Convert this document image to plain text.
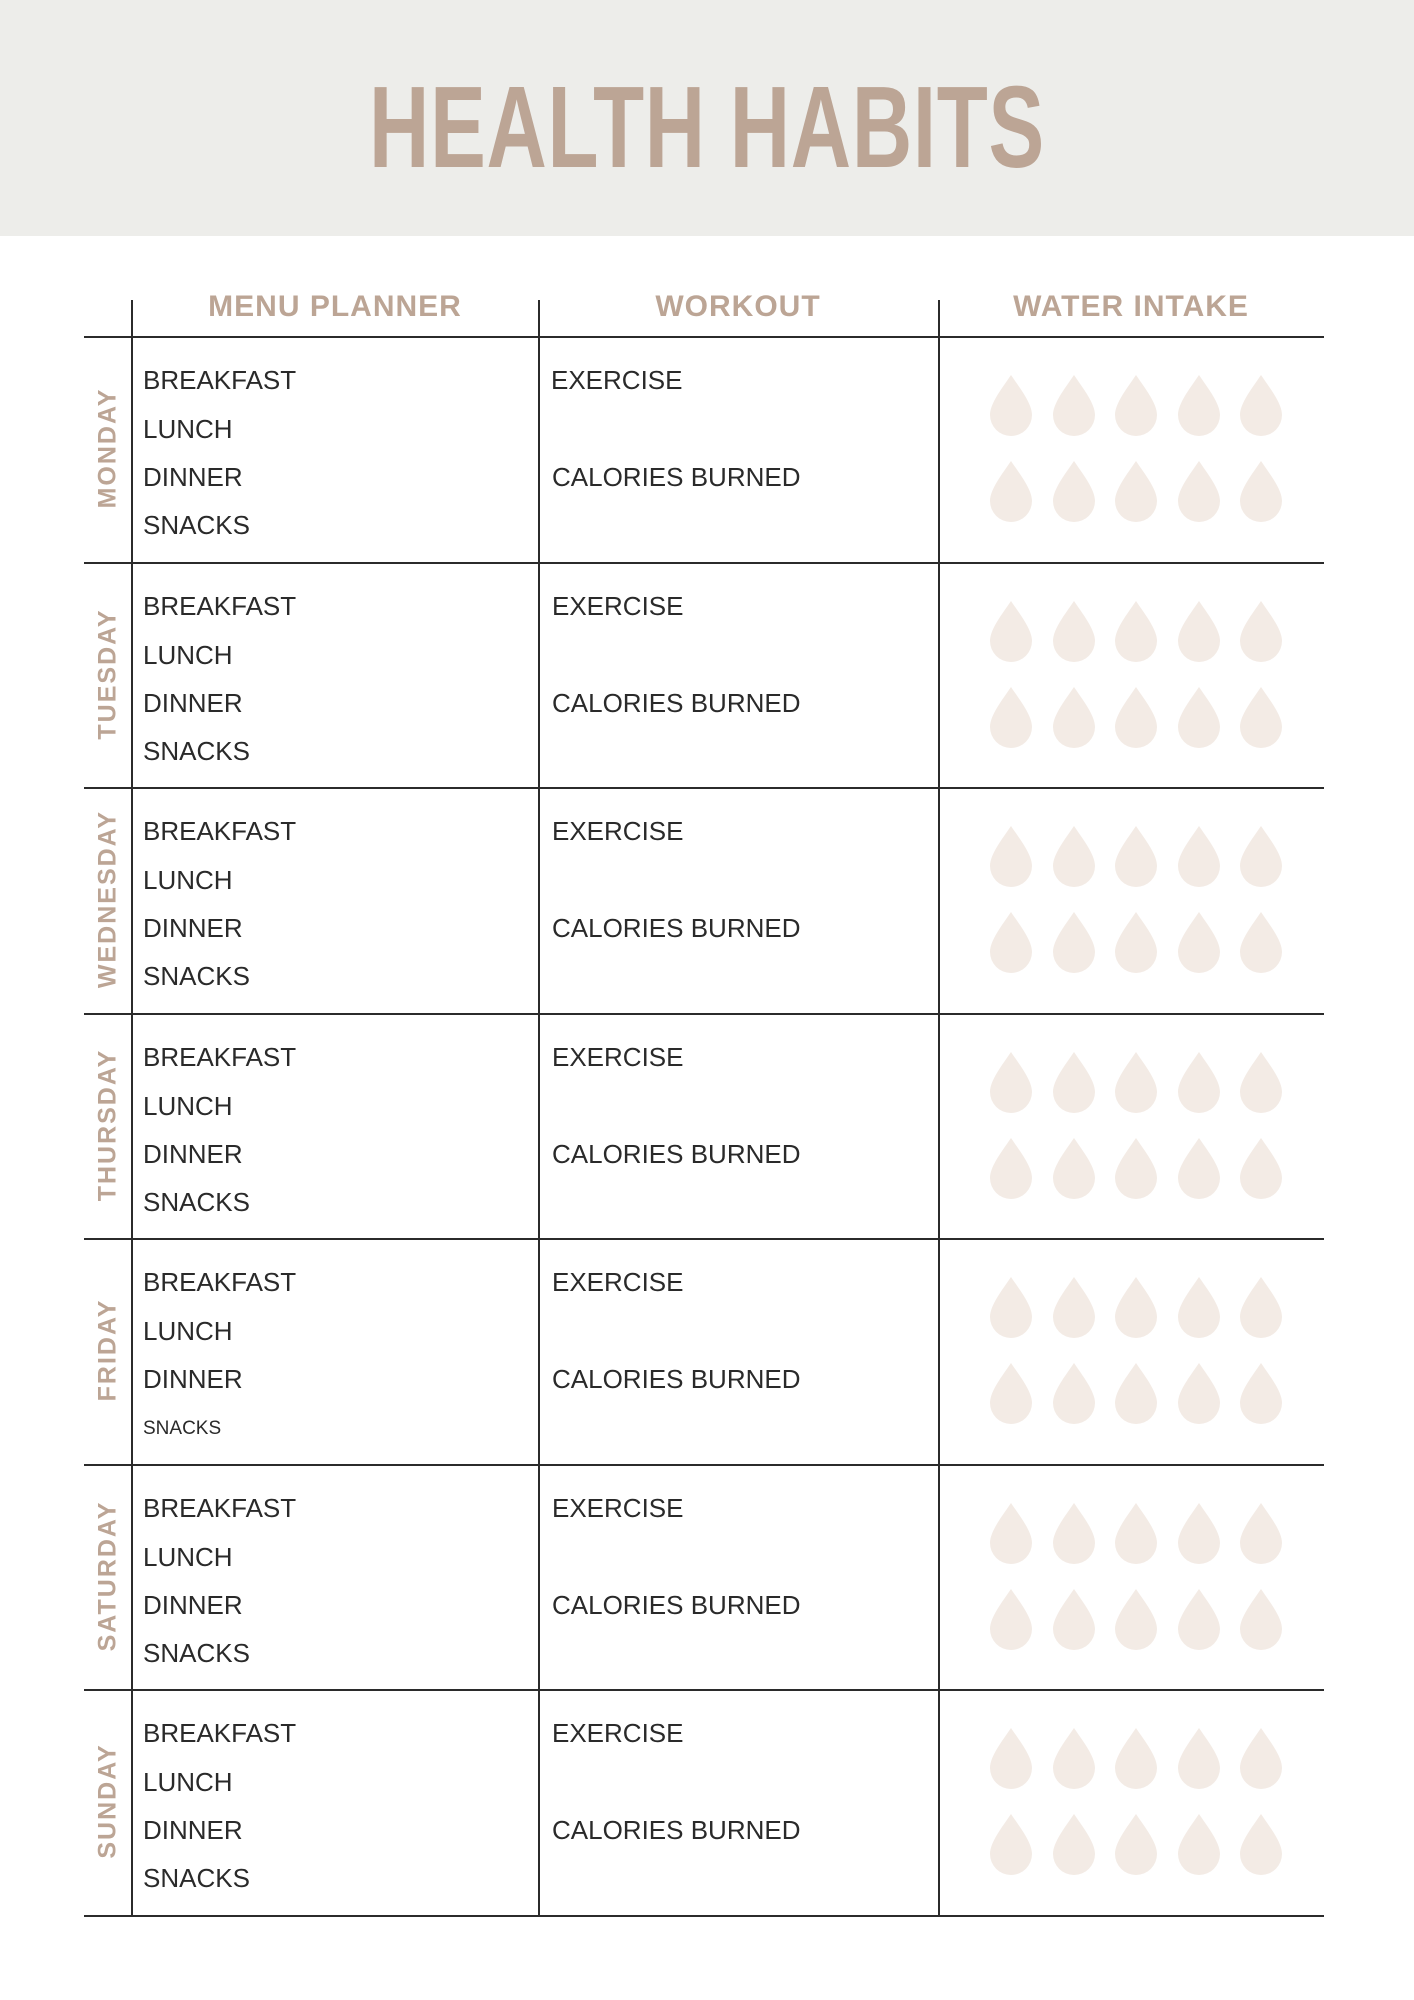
HEALTH HABITS
MENU PLANNER	WORKOUT	WATER INTAKE
MONDAY
BREAKFAST
LUNCH
DINNER
SNACKS
EXERCISE
CALORIES BURNED
TUESDAY
BREAKFAST
LUNCH
DINNER
SNACKS
EXERCISE
CALORIES BURNED
WEDNESDAY BREAKFAST
LUNCH
DINNER
SNACKS
EXERCISE
CALORIES BURNED
THURSDAY BREAKFAST
LUNCH
DINNER
SNACKS
EXERCISE
CALORIES BURNED
FRIDAY
BREAKFAST
LUNCH
DINNER
SNACKS
EXERCISE
CALORIES BURNED
SATURDAY BREAKFAST
LUNCH
DINNER
SNACKS
EXERCISE
CALORIES BURNED
SUNDAY
BREAKFAST
LUNCH
DINNER
SNACKS
EXERCISE
CALORIES BURNED
